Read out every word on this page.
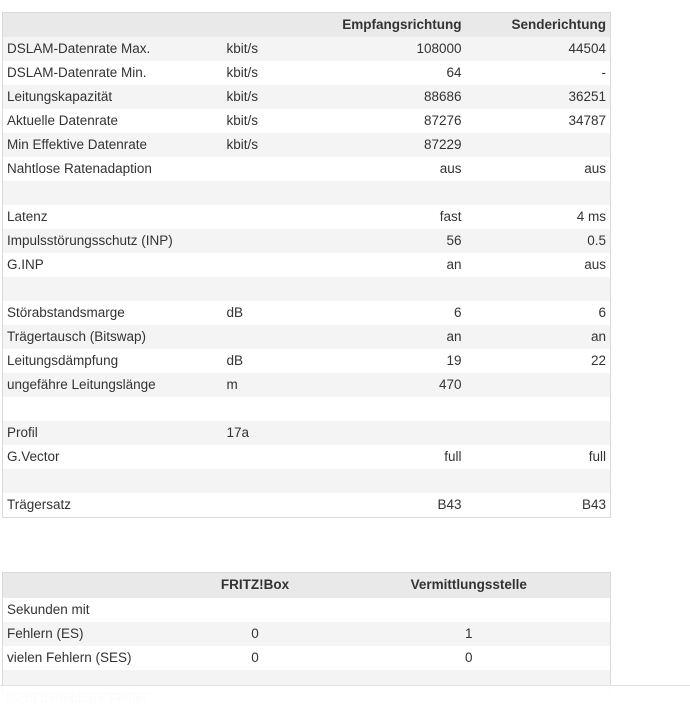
		Empfangsrichtung	Senderichtung
DSLAM-Datenrate Max.	kbit/s	108000	44504
DSLAM-Datenrate Min.	kbit/s	64	-
Leitungskapazität	kbit/s	88686	36251
Aktuelle Datenrate	kbit/s	87276	34787
Min Effektive Datenrate	kbit/s	87229	
Nahtlose Ratenadaption		aus	aus

Latenz		fast	4 ms
Impulsstörungsschutz (INP)		56	0.5
G.INP		an	aus

Störabstandsmarge	dB	6	6
Trägertausch (Bitswap)		an	an
Leitungsdämpfung	dB	19	22
ungefähre Leitungslänge	m	470	

Profil	17a		
G.Vector		full	full

Trägersatz		B43	B43
	FRITZ!Box	Vermittlungsstelle
Sekunden mit		
Fehlern (ES)	0	1
vielen Fehlern (SES)	0	0
